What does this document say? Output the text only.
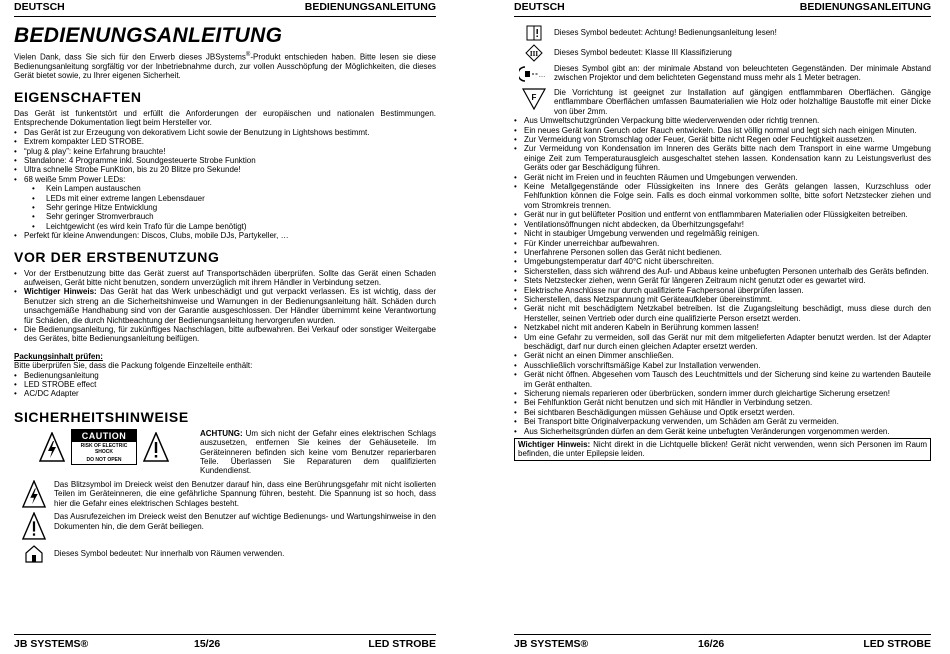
DEUTSCH	BEDIENUNGSANLEITUNG
BEDIENUNGSANLEITUNG

Vielen Dank, dass Sie sich für den Erwerb dieses JBSystems®-Produkt entschieden haben. Bitte lesen sie diese Bedienungsanleitung sorgfältig vor der Inbetriebnahme durch, zur vollen Ausschöpfung der Möglichkeiten, die dieses Gerät bietet sowie, zu Ihrer eigenen Sicherheit.

EIGENSCHAFTEN

Das Gerät ist funkentstört und erfüllt die Anforderungen der europäischen und nationalen Bestimmungen. Entsprechende Dokumentation liegt beim Hersteller vor.

• Das Gerät ist zur Erzeugung von dekorativem Licht sowie der Benutzung in Lightshows bestimmt.
• Extrem kompakter LED STROBE.
• “plug & play”: keine Erfahrung brauchte!
• Standalone: 4 Programme inkl. Soundgesteuerte Strobe Funktion
• Ultra schnelle Strobe FunKtion, bis zu 20 Blitze pro Sekunde!
• 68 weiße 5mm Power LEDs:
• Kein Lampen austauschen
• LEDs mit einer extreme langen Lebensdauer
• Sehr geringe Hitze Entwicklung
• Sehr geringer Stromverbrauch
• Leichtgewicht (es wird kein Trafo für die Lampe benötigt)
• Perfekt für kleine Anwendungen: Discos, Clubs, mobile DJs, Partykeller, …
VOR DER ERSTBENUTZUNG
• Vor der Erstbenutzung bitte das Gerät zuerst auf Transportschäden überprüfen. Sollte das Gerät einen Schaden aufweisen, Gerät bitte nicht benutzen, sondern unverzüglich mit ihrem Händler in Verbindung setzen.
• Wichtiger Hinweis: Das Gerät hat das Werk unbeschädigt und gut verpackt verlassen. Es ist wichtig, dass der Benutzer sich streng an die Sicherheitshinweise und Warnungen in der Bedienungsanleitung hält. Schäden durch unsachgemäße Handhabung sind von der Garantie ausgeschlossen. Der Händler übernimmt keine Verantwortung für Schäden, die durch Nichtbeachtung der Bedienungsanleitung hervorgerufen wurden.
• Die Bedienungsanleitung, für zukünftiges Nachschlagen, bitte aufbewahren. Bei Verkauf oder sonstiger Weitergabe des Gerätes, bitte Bedienungsanleitung beifügen.
Packungsinhalt prüfen:

Bitte überprüfen Sie, dass die Packung folgende Einzelteile enthält:

• Bedienungsanleitung
• LED STROBE effect
• AC/DC Adapter
SICHERHEITSHINWEISE
CAUTION
RISK OF ELECTRIC SHOCK
DO NOT OPEN

ACHTUNG: Um sich nicht der Gefahr eines elektrischen Schlags auszusetzen, entfernen Sie keines der Gehäuseteile. Im Geräteinneren befinden sich keine vom Benutzer reparierbaren Teile. Überlassen Sie Reparaturen dem qualifizierten Kundendienst.

Das Blitzsymbol im Dreieck weist den Benutzer darauf hin, dass eine Berührungsgefahr mit nicht isolierten Teilen im Geräteinneren, die eine gefährliche Spannung führen, besteht. Die Spannung ist so hoch, dass hier die Gefahr eines elektrischen Schlages besteht.

Das Ausrufezeichen im Dreieck weist den Benutzer auf wichtige Bedienungs- und Wartungshinweise in den Dokumenten hin, die dem Gerät beiliegen.

Dieses Symbol bedeutet: Nur innerhalb von Räumen verwenden.

JB SYSTEMS®	15/26	LED STROBE
DEUTSCH	BEDIENUNGSANLEITUNG

Dieses Symbol bedeutet: Achtung! Bedienungsanleitung lesen!

III Dieses Symbol bedeutet: Klasse III Klassifizierung

…

Dieses Symbol gibt an: der minimale Abstand von beleuchteten Gegenständen. Der minimale Abstand zwischen Projektor und dem belichteten Gegenstand muss mehr als 1 Meter betragen.

F

Die Vorrichtung ist geeignet zur Installation auf gängigen entflammbaren Oberflächen. Gängige entflammbare Oberflächen umfassen Baumaterialien wie Holz oder holzhaltige Baustoffe mit einer Dicke von über 2mm.

• Aus Umweltschutzgründen Verpackung bitte wiederverwenden oder richtig trennen.
• Ein neues Gerät kann Geruch oder Rauch entwickeln. Das ist völlig normal und legt sich nach einigen Minuten.
• Zur Vermeidung von Stromschlag oder Feuer, Gerät bitte nicht Regen oder Feuchtigkeit aussetzen.
• Zur Vermeidung von Kondensation im Inneren des Geräts bitte nach dem Transport in eine warme Umgebung einige Zeit zum Temperaturausgleich ausgeschaltet stehen lassen. Kondensation kann zu Leistungsverlust des Geräts oder gar Beschädigung führen.
• Gerät nicht im Freien und in feuchten Räumen und Umgebungen verwenden.
• Keine Metallgegenstände oder Flüssigkeiten ins Innere des Geräts gelangen lassen, Kurzschluss oder Fehlfunktion können die Folge sein. Falls es doch einmal vorkommen sollte, bitte sofort Netzstecker ziehen und vom Stromkreis trennen.
• Gerät nur in gut belüfteter Position und entfernt von entflammbaren Materialien oder Flüssigkeiten betreiben.
• Ventilationsöffnungen nicht abdecken, da Überhitzungsgefahr!
• Nicht in staubiger Umgebung verwenden und regelmäßig reinigen.
• Für Kinder unerreichbar aufbewahren.
• Unerfahrene Personen sollen das Gerät nicht bedienen.
• Umgebungstemperatur darf 40°C nicht überschreiten.
• Sicherstellen, dass sich während des Auf- und Abbaus keine unbefugten Personen unterhalb des Geräts befinden.
• Stets Netzstecker ziehen, wenn Gerät für längeren Zeitraum nicht genutzt oder es gewartet wird.
• Elektrische Anschlüsse nur durch qualifizierte Fachpersonal überprüfen lassen.
• Sicherstellen, dass Netzspannung mit Geräteaufkleber übereinstimmt.
• Gerät nicht mit beschädigtem Netzkabel betreiben. Ist die Zugangsleitung beschädigt, muss diese durch den Hersteller, seinen Vertrieb oder durch eine qualifizierte Person ersetzt werden.
• Netzkabel nicht mit anderen Kabeln in Berührung kommen lassen!
• Um eine Gefahr zu vermeiden, soll das Gerät nur mit dem mitgelieferten Adapter benutzt werden. Ist der Adapter beschädigt, darf nur durch einen gleichen Adapter ersetzt werden.
• Gerät nicht an einen Dimmer anschließen.
• Ausschließlich vorschriftsmäßige Kabel zur Installation verwenden.
• Gerät nicht öffnen. Abgesehen vom Tausch des Leuchtmittels und der Sicherung sind keine zu wartenden Bauteile im Gerät enthalten.
• Sicherung niemals reparieren oder überbrücken, sondern immer durch gleichartige Sicherung ersetzen!
• Bei Fehlfunktion Gerät nicht benutzen und sich mit Händler in Verbindung setzen.
• Bei sichtbaren Beschädigungen müssen Gehäuse und Optik ersetzt werden.
• Bei Transport bitte Originalverpackung verwenden, um Schäden am Gerät zu vermeiden.
• Aus Sicherheitsgründen dürfen an dem Gerät keine unbefugten Veränderungen vorgenommen werden.

Wichtiger Hinweis: Nicht direkt in die Lichtquelle blicken! Gerät nicht verwenden, wenn sich Personen im Raum befinden, die unter Epilepsie leiden.

JB SYSTEMS®	16/26	LED STROBE
